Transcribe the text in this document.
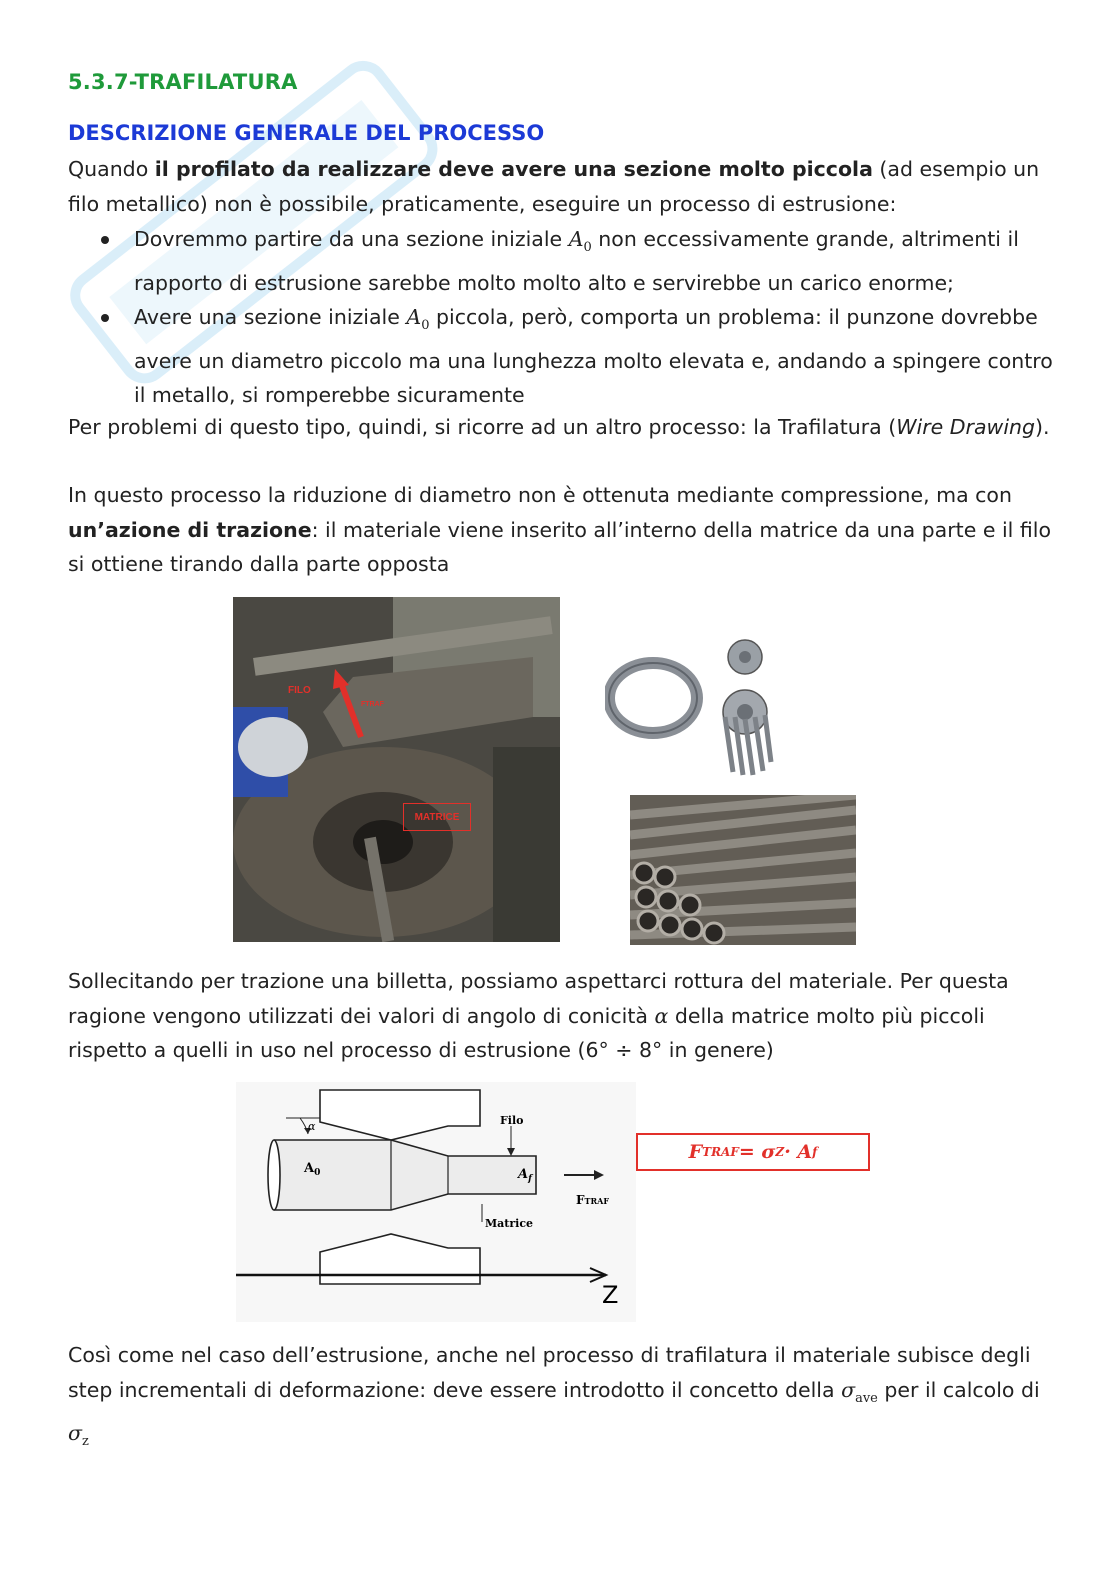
5.3.7-TRAFILATURA
DESCRIZIONE GENERALE DEL PROCESSO
Quando il profilato da realizzare deve avere una sezione molto piccola (ad esempio un filo metallico) non è possibile, praticamente, eseguire un processo di estrusione:
Dovremmo partire da una sezione iniziale $A_0$ non eccessivamente grande, altrimenti il rapporto di estrusione sarebbe molto molto alto e servirebbe un carico enorme;
Avere una sezione iniziale $A_0$ piccola, però, comporta un problema: il punzone dovrebbe avere un diametro piccolo ma una lunghezza molto elevata e, andando a spingere contro il metallo, si romperebbe sicuramente
Per problemi di questo tipo, quindi, si ricorre ad un altro processo: la Trafilatura (Wire Drawing).
In questo processo la riduzione di diametro non è ottenuta mediante compressione, ma con un’azione di trazione: il materiale viene inserito all’interno della matrice da una parte e il filo si ottiene tirando dalla parte opposta
FILO
FTRAF
MATRICE
Sollecitando per trazione una billetta, possiamo aspettarci rottura del materiale. Per questa ragione vengono utilizzati dei valori di angolo di conicità α della matrice molto più piccoli rispetto a quelli in uso nel processo di estrusione (6° ÷ 8° in genere)
α
$A_0$	$A_f$
Filo
Matrice
FTRAF
Z
F TRAF = σ Z · A f
Così come nel caso dell’estrusione, anche nel processo di trafilatura il materiale subisce degli step incrementali di deformazione: deve essere introdotto il concetto della $\sigma_{ave}$ per il calcolo di $\sigma_z$
